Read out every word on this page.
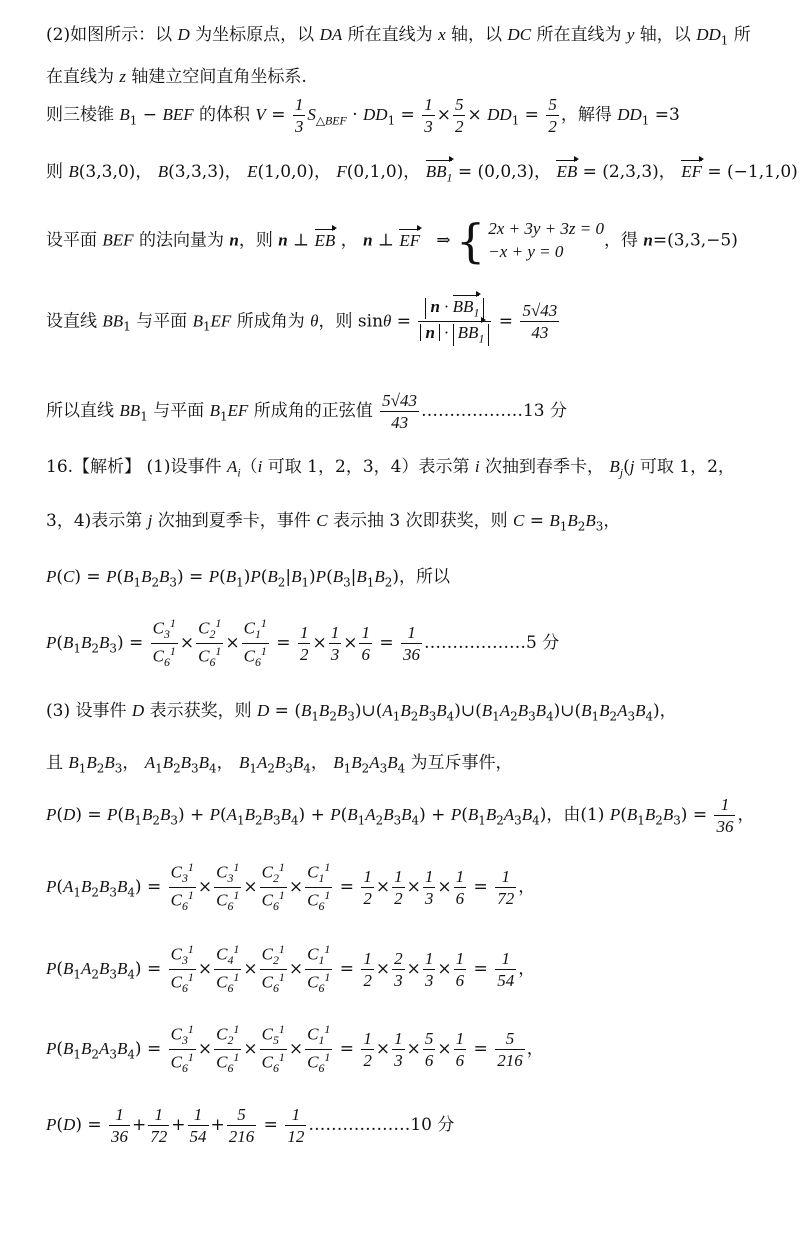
(2)如图所示：以 D 为坐标原点，以 DA 所在直线为 x 轴，以 DC 所在直线为 y 轴，以 $DD_1$ 所
在直线为 z 轴建立空间直角坐标系.
则三棱锥 $B_1$ − BEF 的体积 $V = \frac{1}{3} S_{\triangle BEF} \cdot DD_1 = \frac{1}{3} \times \frac{5}{2} \times DD_1 = \frac{5}{2}$ ，解得 $DD_1 =3$
则 B(3,3,0)， B(3,3,3)， E(1,0,0)， F(0,1,0)， $BB_1 = (0,0,3)$， EB = (2,3,3)， EF = (−1,1,0)
设平面 BEF 的法向量为 n，则 n ⊥ EB ， n ⊥ EF   ⇒ { 2x + 3y + 3z = 0
−x + y = 0，得 n=(3,3,−5)
设直线 $BB_1$ 与平面 $B_1EF$ 所成角为 θ，则 $\sin\theta = \frac{n \cdot BB_1}{n \cdot BB_1} = \frac{5√43}{43}$
所以直线 $BB_1$ 与平面 $B_1EF$ 所成角的正弦值 $\frac{5√43}{43}$ ………………13 分
16.【解析】 (1)设事件 $A_i(i$ 可取 1，2，3，4）表示第 i 次抽到春季卡， $B_j(j$ 可取 1，2，
3，4)表示第 j 次抽到夏季卡，事件 C 表示抽 3 次即获奖，则 $C = B_1B_2B_3$，
$P(C) = P(B_1B_2B_3) = P(B_1)P(B_2|B_1)P(B_3|B_1B_2)$，所以
$P(B_1B_2B_3) = \frac{C_3^1}{C_6^1} \times \frac{C_2^1}{C_6^1} \times \frac{C_1^1}{C_6^1} = \frac{1}{2} \times \frac{1}{3} \times \frac{1}{6} = \frac{1}{36}$ ………………5 分
(3) 设事件 D 表示获奖，则 $D = (B_1B_2B_3)\cup(A_1B_2B_3B_4)\cup(B_1A_2B_3B_4)\cup(B_1B_2A_3B_4)$，
且 $B_1B_2B_3$， $A_1B_2B_3B_4$， $B_1A_2B_3B_4$， $B_1B_2A_3B_4$ 为互斥事件，
$P(D) = P(B_1B_2B_3) + P(A_1B_2B_3B_4) + P(B_1A_2B_3B_4) + P(B_1B_2A_3B_4)$，由(1) $P(B_1B_2B_3) = \frac{1}{36}$ ，
$P(A_1B_2B_3B_4) = \frac{C_3^1}{C_6^1} \times \frac{C_3^1}{C_6^1} \times \frac{C_2^1}{C_6^1} \times \frac{C_1^1}{C_6^1} = \frac{1}{2} \times \frac{1}{2} \times \frac{1}{3} \times \frac{1}{6} = \frac{1}{72}$ ，
$P(B_1A_2B_3B_4) = \frac{C_3^1}{C_6^1} \times \frac{C_4^1}{C_6^1} \times \frac{C_2^1}{C_6^1} \times \frac{C_1^1}{C_6^1} = \frac{1}{2} \times \frac{2}{3} \times \frac{1}{3} \times \frac{1}{6} = \frac{1}{54}$ ，
$P(B_1B_2A_3B_4) = \frac{C_3^1}{C_6^1} \times \frac{C_2^1}{C_6^1} \times \frac{C_5^1}{C_6^1} \times \frac{C_1^1}{C_6^1} = \frac{1}{2} \times \frac{1}{3} \times \frac{5}{6} \times \frac{1}{6} = \frac{5}{216}$ ，
$P(D) = \frac{1}{36} + \frac{1}{72} + \frac{1}{54} + \frac{5}{216} = \frac{1}{12}$ ………………10 分
